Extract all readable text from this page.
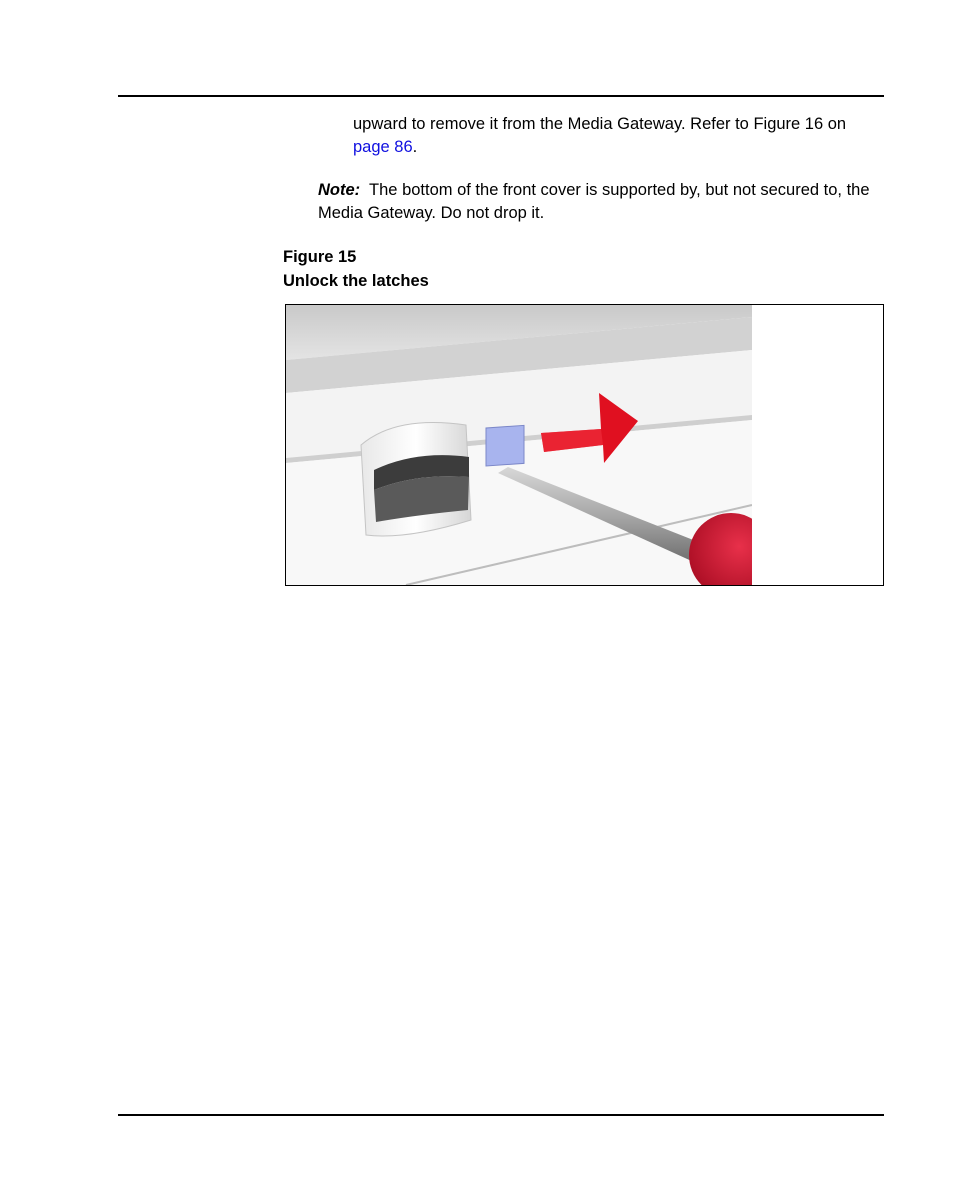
upward to remove it from the Media Gateway. Refer to Figure 16 on
page 86.
Note: The bottom of the front cover is supported by, but not secured to, the Media Gateway. Do not drop it.
Figure 15
Unlock the latches
